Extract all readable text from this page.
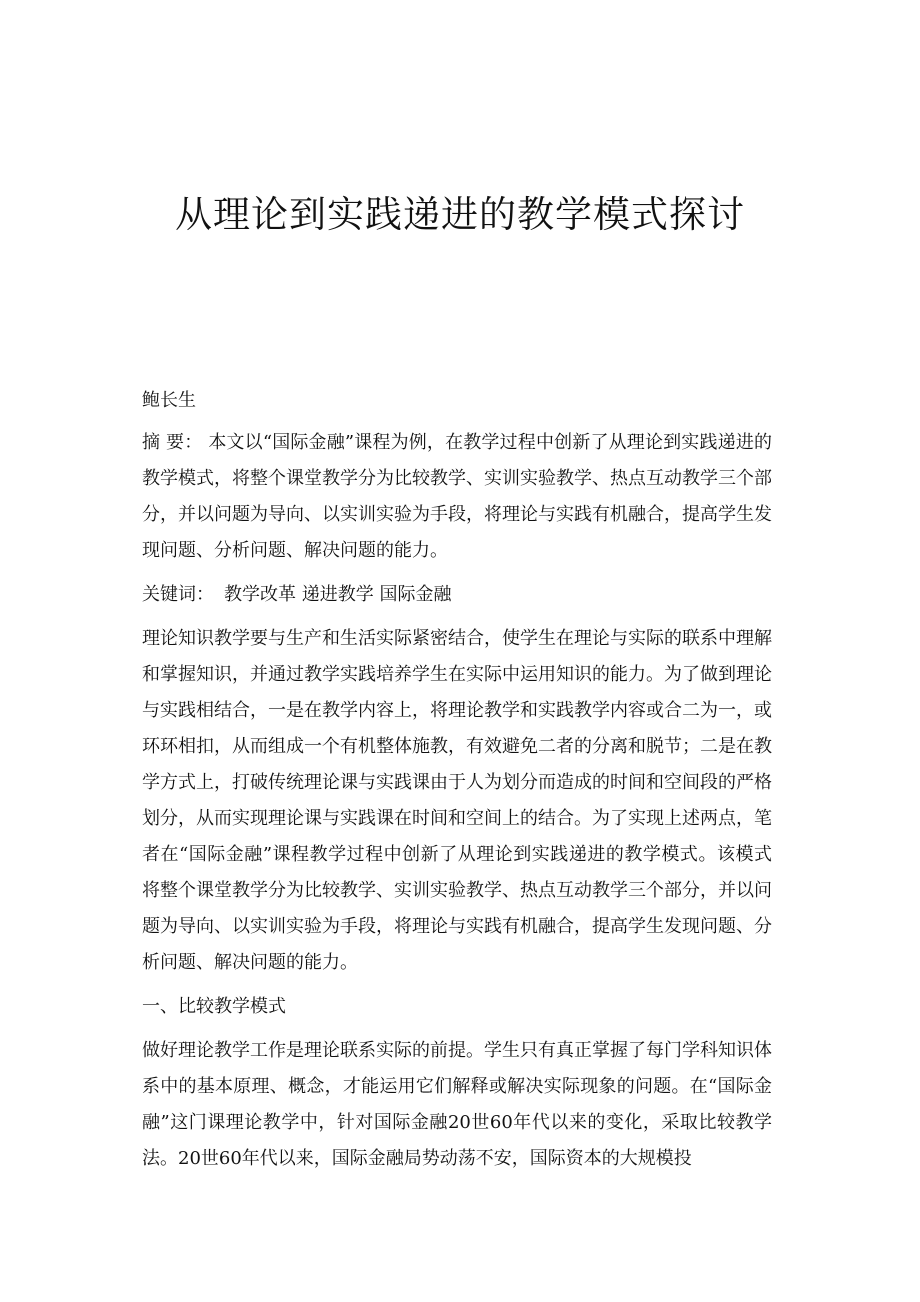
从理论到实践递进的教学模式探讨

鲍长生

摘 要： 本文以“国际金融”课程为例，在教学过程中创新了从理论到实践递进的教学模式，将整个课堂教学分为比较教学、实训实验教学、热点互动教学三个部分，并以问题为导向、以实训实验为手段，将理论与实践有机融合，提高学生发现问题、分析问题、解决问题的能力。

关键词： 教学改革 递进教学 国际金融

理论知识教学要与生产和生活实际紧密结合，使学生在理论与实际的联系中理解和掌握知识，并通过教学实践培养学生在实际中运用知识的能力。为了做到理论与实践相结合，一是在教学内容上，将理论教学和实践教学内容或合二为一，或环环相扣，从而组成一个有机整体施教，有效避免二者的分离和脱节；二是在教学方式上，打破传统理论课与实践课由于人为划分而造成的时间和空间段的严格划分，从而实现理论课与实践课在时间和空间上的结合。为了实现上述两点，笔者在“国际金融”课程教学过程中创新了从理论到实践递进的教学模式。该模式将整个课堂教学分为比较教学、实训实验教学、热点互动教学三个部分，并以问题为导向、以实训实验为手段，将理论与实践有机融合，提高学生发现问题、分析问题、解决问题的能力。

一、比较教学模式

做好理论教学工作是理论联系实际的前提。学生只有真正掌握了每门学科知识体系中的基本原理、概念，才能运用它们解释或解决实际现象的问题。在“国际金融”这门课理论教学中，针对国际金融20世60年代以来的变化，采取比较教学法。20世60年代以来，国际金融局势动荡不安，国际资本的大规模投
